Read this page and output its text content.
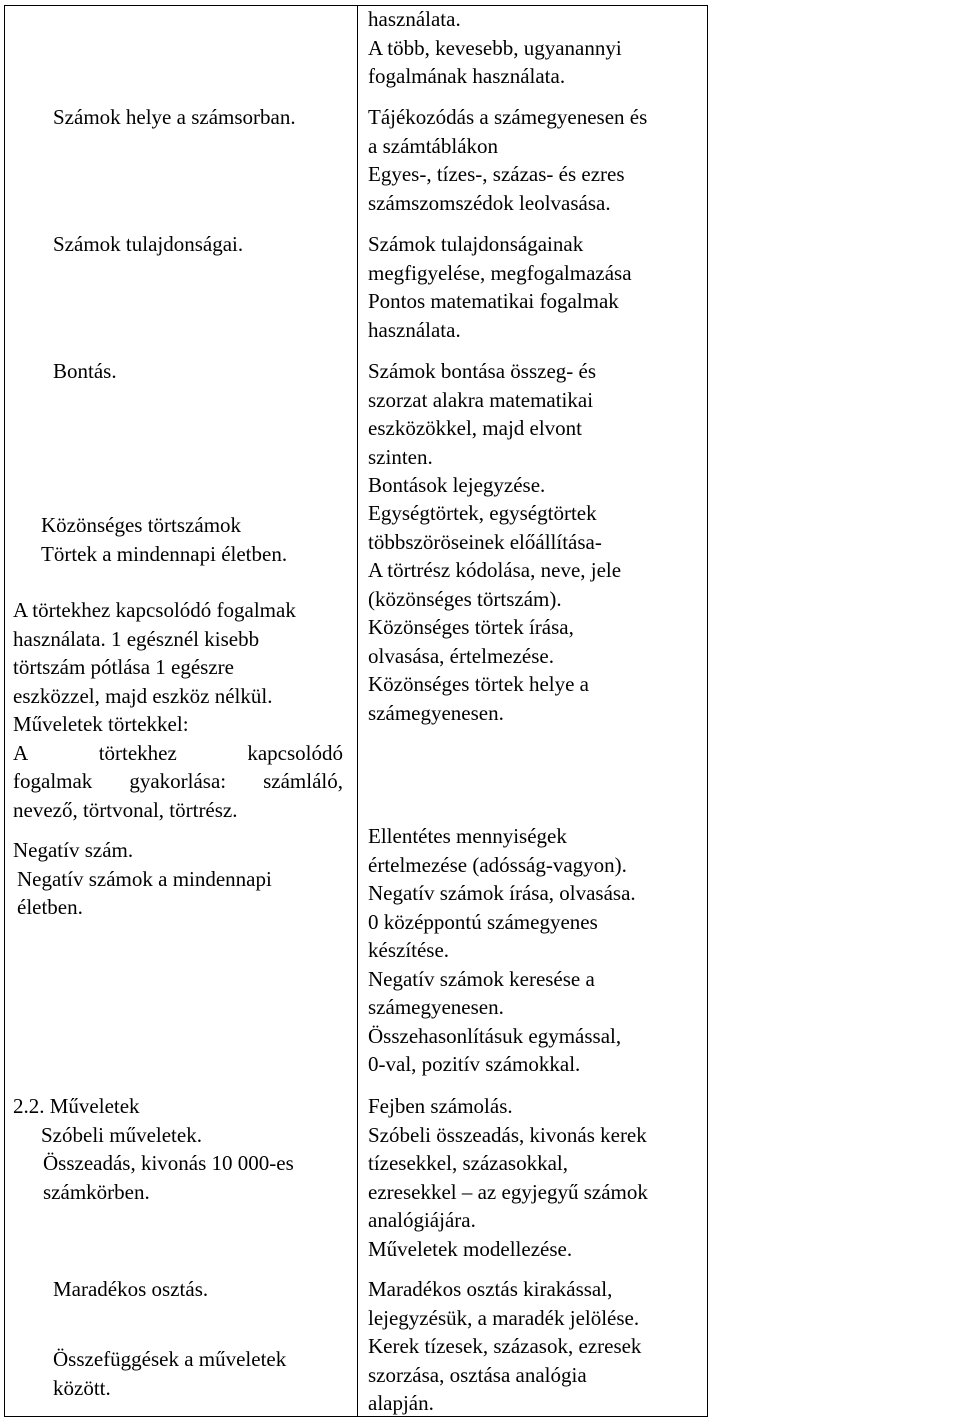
Számok helye a számsorban.
Számok tulajdonságai.
Bontás.
Közönséges törtszámok
Törtek a mindennapi életben.
A törtekhez kapcsolódó fogalmak
használata. 1 egésznél kisebb
törtszám pótlása 1 egészre
eszközzel, majd eszköz nélkül.
Műveletek törtekkel:
A	törtekhez	kapcsolódó
fogalmak gyakorlása: számláló,
nevező, törtvonal, törtrész.
Negatív szám.
Negatív számok a mindennapi
életben.
2.2. Műveletek
Szóbeli műveletek.
Összeadás, kivonás 10 000-es
számkörben.
Maradékos osztás.
Összefüggések a műveletek
között.
használata.
A több, kevesebb, ugyanannyi
fogalmának használata.
Tájékozódás a számegyenesen és
a számtáblákon
Egyes-, tízes-, százas- és ezres
számszomszédok leolvasása.
Számok tulajdonságainak
megfigyelése, megfogalmazása
Pontos matematikai fogalmak
használata.
Számok bontása összeg- és
szorzat alakra matematikai
eszközökkel, majd elvont
szinten.
Bontások lejegyzése.
Egységtörtek, egységtörtek
többszöröseinek előállítása-
A törtrész kódolása, neve, jele
(közönséges törtszám).
Közönséges törtek írása,
olvasása, értelmezése.
Közönséges törtek helye a
számegyenesen.
Ellentétes mennyiségek
értelmezése (adósság-vagyon).
Negatív számok írása, olvasása.
0 középpontú számegyenes
készítése.
Negatív számok keresése a
számegyenesen.
Összehasonlításuk egymással,
0-val, pozitív számokkal.
Fejben számolás.
Szóbeli összeadás, kivonás kerek
tízesekkel, százasokkal,
ezresekkel – az egyjegyű számok
analógiájára.
Műveletek modellezése.
Maradékos osztás kirakással,
lejegyzésük, a maradék jelölése.
Kerek tízesek, százasok, ezresek
szorzása, osztása analógia
alapján.
